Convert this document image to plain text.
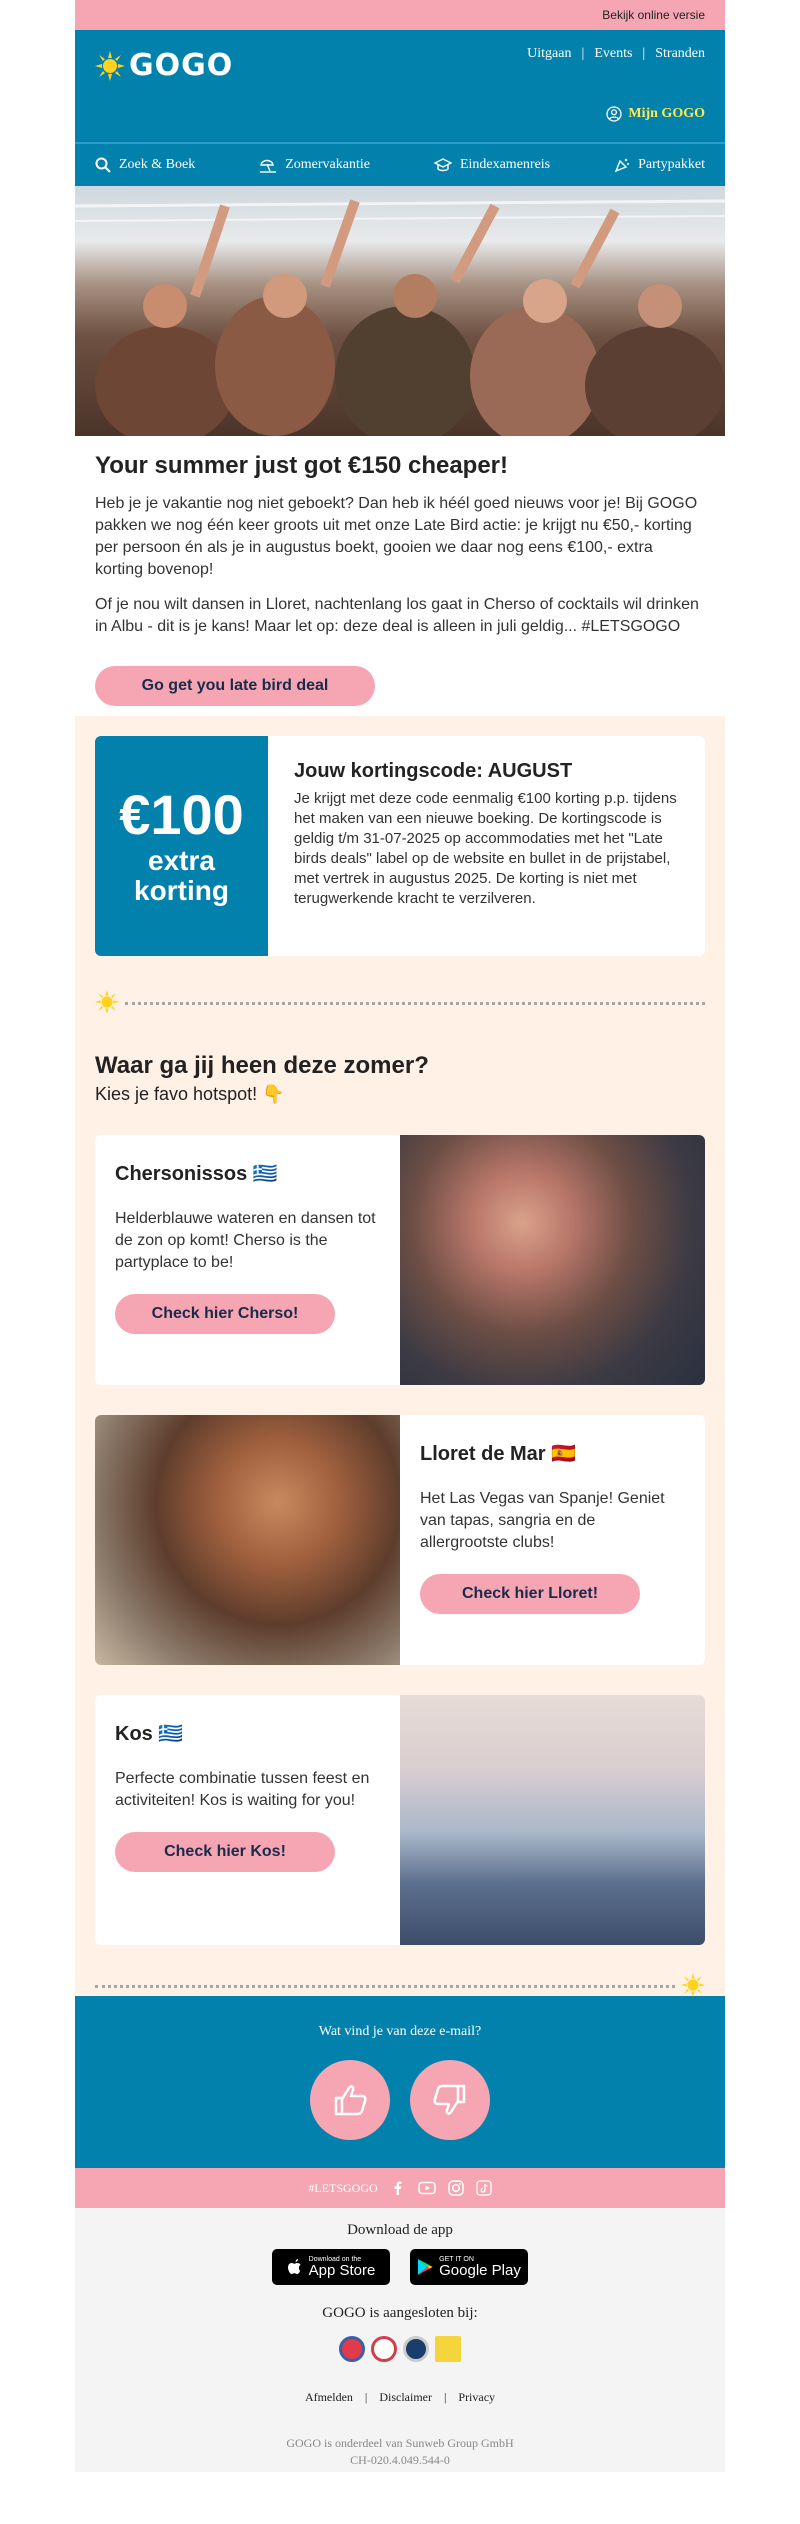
Bekijk online versie
GOGO	Uitgaan | Events | Stranden
Mijn GOGO
Zoek & Boek	Zomervakantie	Eindexamenreis	Partypakket
Your summer just got €150 cheaper!

Heb je je vakantie nog niet geboekt? Dan heb ik héél goed nieuws voor je! Bij GOGO pakken we nog één keer groots uit met onze Late Bird actie: je krijgt nu €50,- korting per persoon én als je in augustus boekt, gooien we daar nog eens €100,- extra korting bovenop!

Of je nou wilt dansen in Lloret, nachtenlang los gaat in Cherso of cocktails wil drinken in Albu - dit is je kans! Maar let op: deze deal is alleen in juli geldig... #LETSGOGO

Go get you late bird deal
€100
extra
korting
Jouw kortingscode: AUGUST

Je krijgt met deze code eenmalig €100 korting p.p. tijdens het maken van een nieuwe boeking. De kortingscode is geldig t/m 31-07-2025 op accommodaties met het "Late birds deals" label op de website en bullet in de prijstabel, met vertrek in augustus 2025. De korting is niet met terugwerkende kracht te verzilveren.

Waar ga jij heen deze zomer?
Kies je favo hotspot! 👇
Chersonissos 🇬🇷

Helderblauwe wateren en dansen tot de zon op komt! Cherso is the partyplace to be!

Check hier Cherso!
Lloret de Mar 🇪🇸

Het Las Vegas van Spanje! Geniet van tapas, sangria en de allergrootste clubs!

Check hier Lloret!
Kos 🇬🇷

Perfecte combinatie tussen feest en activiteiten! Kos is waiting for you!

Check hier Kos!
Wat vind je van deze e-mail?
#LETSGOGO
Download de app
Download on the
App Store
GET IT ON
Google Play
GOGO is aangesloten bij:
Afmelden | Disclaimer | Privacy
GOGO is onderdeel van Sunweb Group GmbH
CH-020.4.049.544-0
